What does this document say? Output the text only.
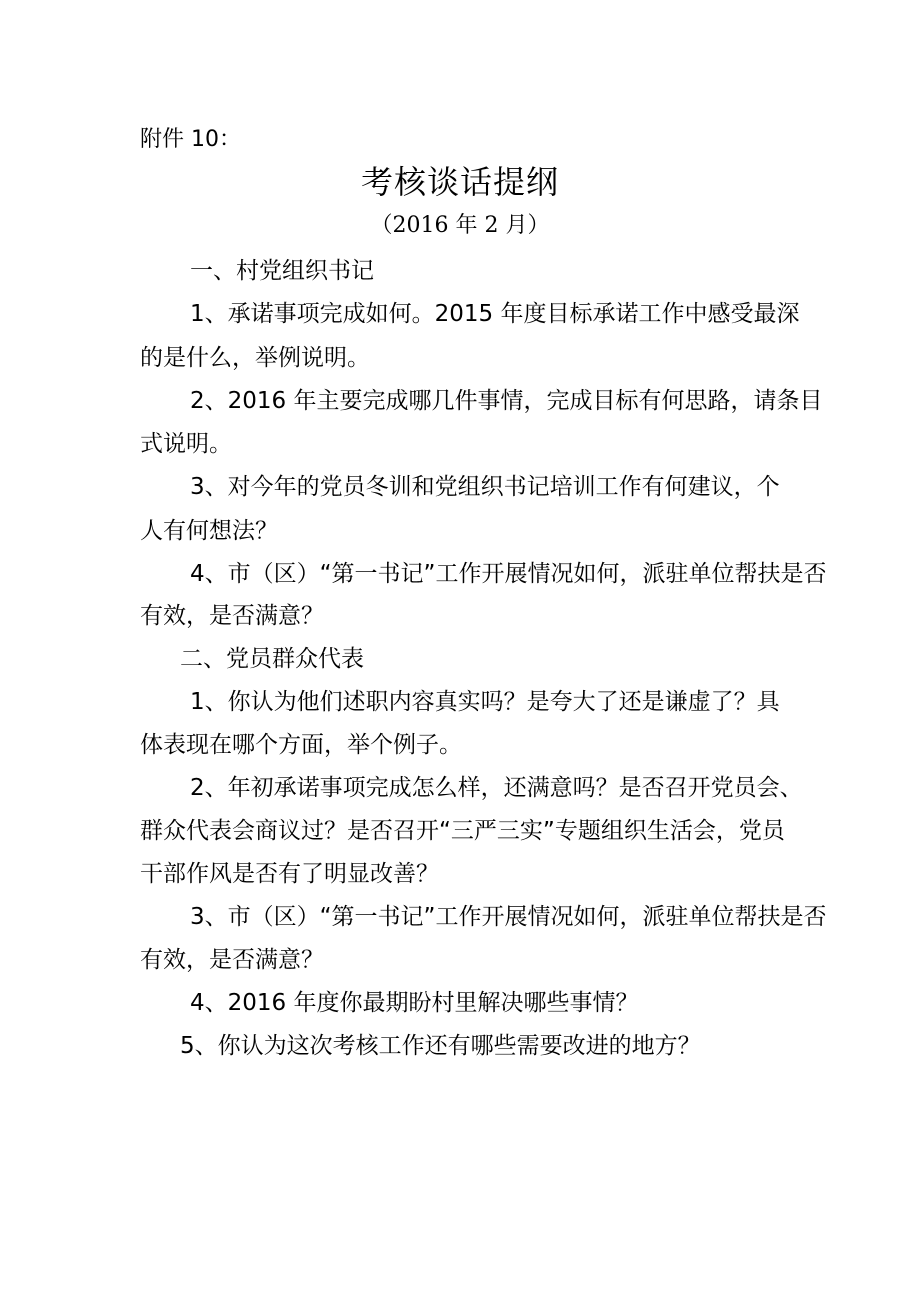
附件 10：
考核谈话提纲
（2016 年 2 月）
一、村党组织书记
1、承诺事项完成如何。2015 年度目标承诺工作中感受最深
的是什么，举例说明。
2、2016 年主要完成哪几件事情，完成目标有何思路，请条目
式说明。
3、对今年的党员冬训和党组织书记培训工作有何建议，个
人有何想法？
4、市（区）“第一书记”工作开展情况如何，派驻单位帮扶是否
有效，是否满意？
二、党员群众代表
1、你认为他们述职内容真实吗？是夸大了还是谦虚了？具
体表现在哪个方面，举个例子。
2、年初承诺事项完成怎么样，还满意吗？是否召开党员会、
群众代表会商议过？是否召开“三严三实”专题组织生活会，党员
干部作风是否有了明显改善？
3、市（区）“第一书记”工作开展情况如何，派驻单位帮扶是否
有效，是否满意？
4、2016 年度你最期盼村里解决哪些事情？
5、你认为这次考核工作还有哪些需要改进的地方？
